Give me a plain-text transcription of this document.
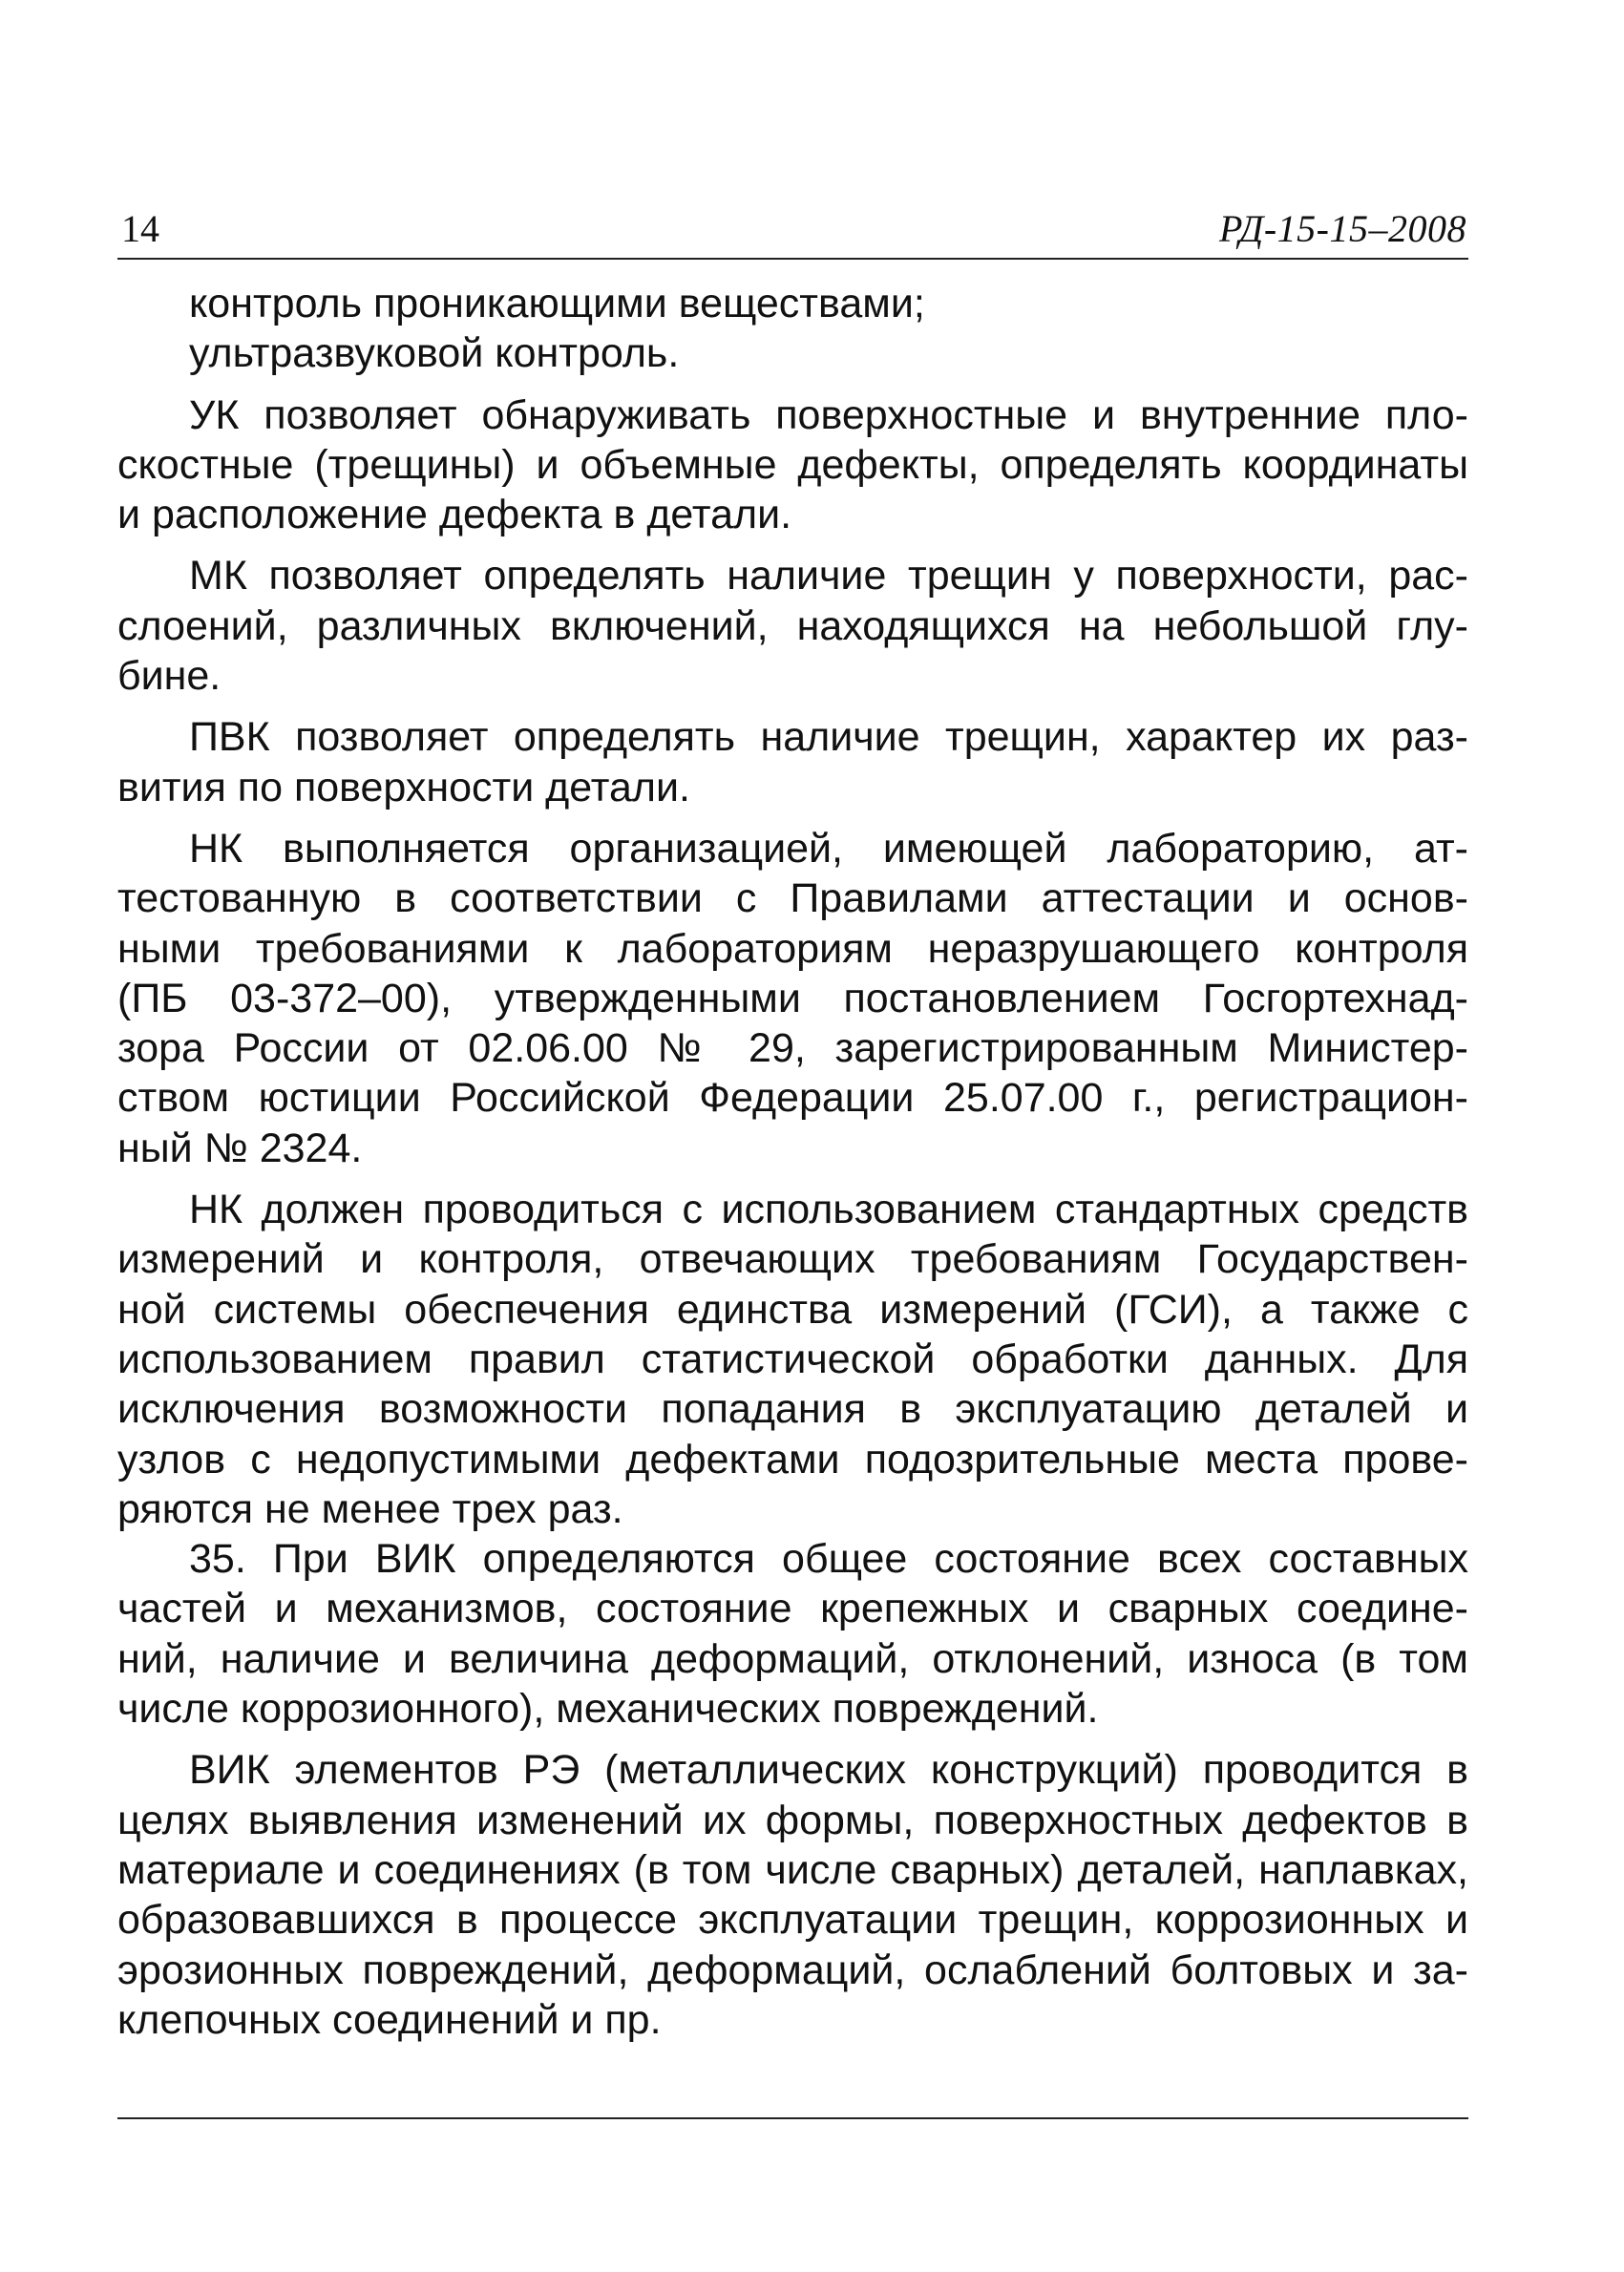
14	РД-15-15–2008
контроль проникающими веществами;
ультразвуковой контроль.
УК позволяет обнаруживать поверхностные и внутренние пло-
скостные (трещины) и объемные дефекты, определять координаты
и расположение дефекта в детали.
МК позволяет определять наличие трещин у поверхности, рас-
слоений, различных включений, находящихся на небольшой глу-
бине.
ПВК позволяет определять наличие трещин, характер их раз-
вития по поверхности детали.
НК выполняется организацией, имеющей лабораторию, ат-
тестованную в соответствии с Правилами аттестации и основ-
ными требованиями к лабораториям неразрушающего контроля
(ПБ 03-372–00), утвержденными постановлением Госгортехнад-
зора России от 02.06.00 № 29, зарегистрированным Министер-
ством юстиции Российской Федерации 25.07.00 г., регистрацион-
ный № 2324.
НК должен проводиться с использованием стандартных средств
измерений и контроля, отвечающих требованиям Государствен-
ной системы обеспечения единства измерений (ГСИ), а также с
использованием правил статистической обработки данных. Для
исключения возможности попадания в эксплуатацию деталей и
узлов с недопустимыми дефектами подозрительные места прове-
ряются не менее трех раз.
35. При ВИК определяются общее состояние всех составных
частей и механизмов, состояние крепежных и сварных соедине-
ний, наличие и величина деформаций, отклонений, износа (в том
числе коррозионного), механических повреждений.
ВИК элементов РЭ (металлических конструкций) проводится в
целях выявления изменений их формы, поверхностных дефектов в
материале и соединениях (в том числе сварных) деталей, наплавках,
образовавшихся в процессе эксплуатации трещин, коррозионных и
эрозионных повреждений, деформаций, ослаблений болтовых и за-
клепочных соединений и пр.
